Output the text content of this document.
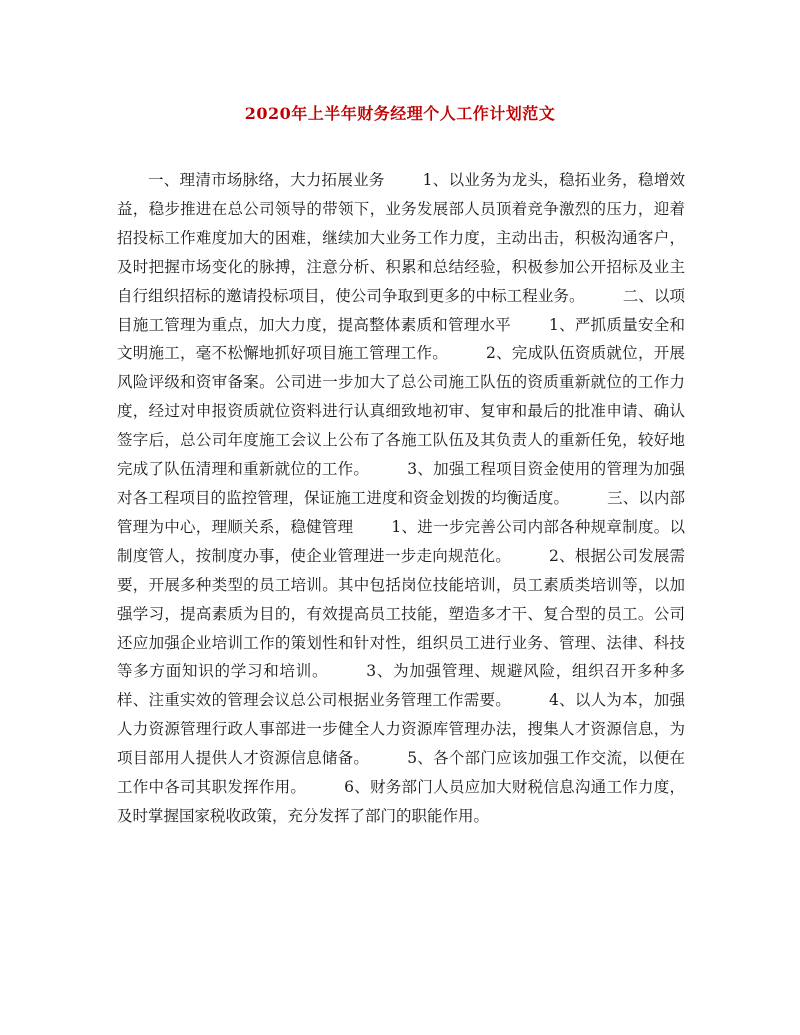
2020年上半年财务经理个人工作计划范文

一、理清市场脉络，大力拓展业务 1、以业务为龙头，稳拓业务，稳增效益，稳步推进在总公司领导的带领下，业务发展部人员顶着竞争激烈的压力，迎着招投标工作难度加大的困难，继续加大业务工作力度，主动出击，积极沟通客户，及时把握市场变化的脉搏，注意分析、积累和总结经验，积极参加公开招标及业主自行组织招标的邀请投标项目，使公司争取到更多的中标工程业务。 二、以项目施工管理为重点，加大力度，提高整体素质和管理水平 1、严抓质量安全和文明施工，毫不松懈地抓好项目施工管理工作。 2、完成队伍资质就位，开展风险评级和资审备案。公司进一步加大了总公司施工队伍的资质重新就位的工作力度，经过对申报资质就位资料进行认真细致地初审、复审和最后的批准申请、确认签字后，总公司年度施工会议上公布了各施工队伍及其负责人的重新任免，较好地完成了队伍清理和重新就位的工作。 3、加强工程项目资金使用的管理为加强对各工程项目的监控管理，保证施工进度和资金划拨的均衡适度。 三、以内部管理为中心，理顺关系，稳健管理 1、进一步完善公司内部各种规章制度。以制度管人，按制度办事，使企业管理进一步走向规范化。 2、根据公司发展需要，开展多种类型的员工培训。其中包括岗位技能培训，员工素质类培训等，以加强学习，提高素质为目的，有效提高员工技能，塑造多才干、复合型的员工。公司还应加强企业培训工作的策划性和针对性，组织员工进行业务、管理、法律、科技等多方面知识的学习和培训。 3、为加强管理、规避风险，组织召开多种多样、注重实效的管理会议总公司根据业务管理工作需要。 4、以人为本，加强人力资源管理行政人事部进一步健全人力资源库管理办法，搜集人才资源信息，为项目部用人提供人才资源信息储备。 5、各个部门应该加强工作交流，以便在工作中各司其职发挥作用。 6、财务部门人员应加大财税信息沟通工作力度，及时掌握国家税收政策，充分发挥了部门的职能作用。
